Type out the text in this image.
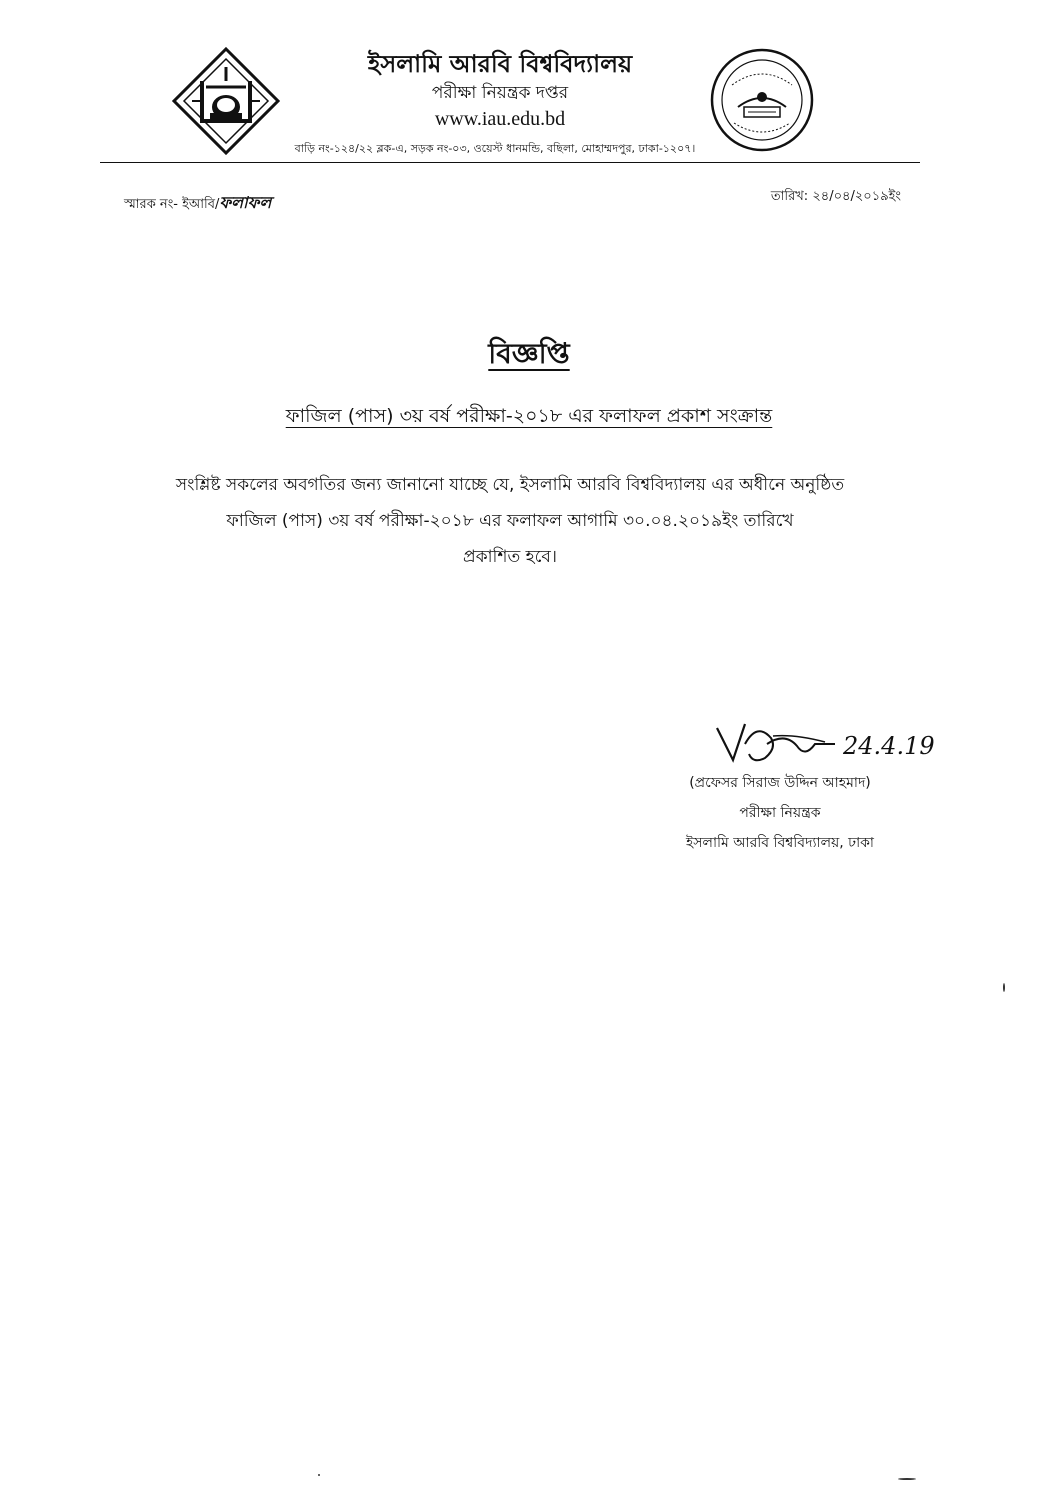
ইসলামি আরবি বিশ্ববিদ্যালয়

পরীক্ষা নিয়ন্ত্রক দপ্তর

www.iau.edu.bd

বাড়ি নং-১২৪/২২ ব্লক-এ, সড়ক নং-০৩, ওয়েস্ট ধানমন্ডি, বছিলা, মোহাম্মদপুর, ঢাকা-১২০৭।
স্মারক নং- ইআবি/ফলাফল	তারিখ: ২৪/০৪/২০১৯ইং
বিজ্ঞপ্তি
ফাজিল (পাস) ৩য় বর্ষ পরীক্ষা-২০১৮ এর ফলাফল প্রকাশ সংক্রান্ত
সংশ্লিষ্ট সকলের অবগতির জন্য জানানো যাচ্ছে যে, ইসলামি আরবি বিশ্ববিদ্যালয় এর অধীনে অনুষ্ঠিত
ফাজিল (পাস) ৩য় বর্ষ পরীক্ষা-২০১৮ এর ফলাফল আগামি ৩০.০৪.২০১৯ইং তারিখে
প্রকাশিত হবে।
24.4.19
(প্রফেসর সিরাজ উদ্দিন আহমাদ)
পরীক্ষা নিয়ন্ত্রক
ইসলামি আরবি বিশ্ববিদ্যালয়, ঢাকা
